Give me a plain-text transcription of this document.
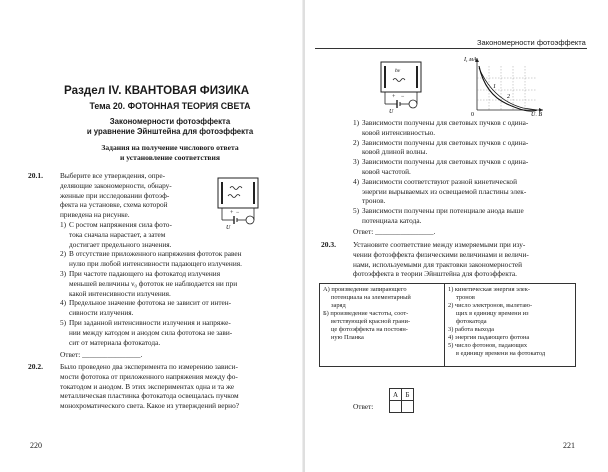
Раздел IV. КВАНТОВАЯ ФИЗИКА
Тема 20. ФОТОННАЯ ТЕОРИЯ СВЕТА
Закономерности фотоэффекта
и уравнение Эйнштейна для фотоэффекта
Задания на получение числового ответа
и установление соответствия
20.1. Выберите все утверждения, опре-
деляющие закономерности, обнару-
женные при исследовании фотоэф-
фекта на установке, схема которой
приведена на рисунке.	−
+
U
1) С ростом напряжения сила фото-
тока сначала нарастает, а затем
достигает предельного значения.
2) В отсутствие приложенного напряжения фототок равен
нулю при любой интенсивности падающего излучения.
3) При частоте падающего на фотокатод излучения
меньшей величины ν₀ фототок не наблюдается ни при
какой интенсивности излучения.
4) Предельное значение фототока не зависит от интен-
сивности излучения.
5) При заданной интенсивности излучения и напряже-
нии между катодом и анодом сила фототока не зави-
сит от материала фотокатода.
Ответ: ________________.
20.2. Было проведено два эксперимента по измерению зависи-
мости фототока от приложенного напряжения между фо-
токатодом и анодом. В этих экспериментах одна и та же
металлическая пластинка фотокатода освещалась пучком
монохроматического света. Какое из утверждений верно?
220
Закономерности фотоэффекта
hν
−
+
U
I, мА
U, В
0
1
2
1) Зависимости получены для световых пучков с одина-
ковой интенсивностью.
2) Зависимости получены для световых пучков с одина-
ковой длиной волны.
3) Зависимости получены для световых пучков с одина-
ковой частотой.
4) Зависимости соответствуют разной кинетической
энергии вырываемых из освещаемой пластины элек-
тронов.
5) Зависимости получены при потенциале анода выше
потенциала катода.
Ответ: ________________.
20.3. Установите соответствие между измеряемыми при изу-
чении фотоэффекта физическими величинами и величи-
нами, используемыми для трактовки закономерностей
фотоэффекта в теории Эйнштейна для фотоэффекта.
А) произведение запирающего
потенциала на элементарный
заряд
Б) произведение частоты, соот-
ветствующей красной грани-
це фотоэффекта на постоян-
ную Планка

1) кинетическая энергия элек-
тронов
2) число электронов, вылетаю-
щих в единицу времени из
фотокатода
3) работа выхода
4) энергия падающего фотона
5) число фотонов, падающих
в единицу времени на фотокатод
Ответ:
А	Б

221
